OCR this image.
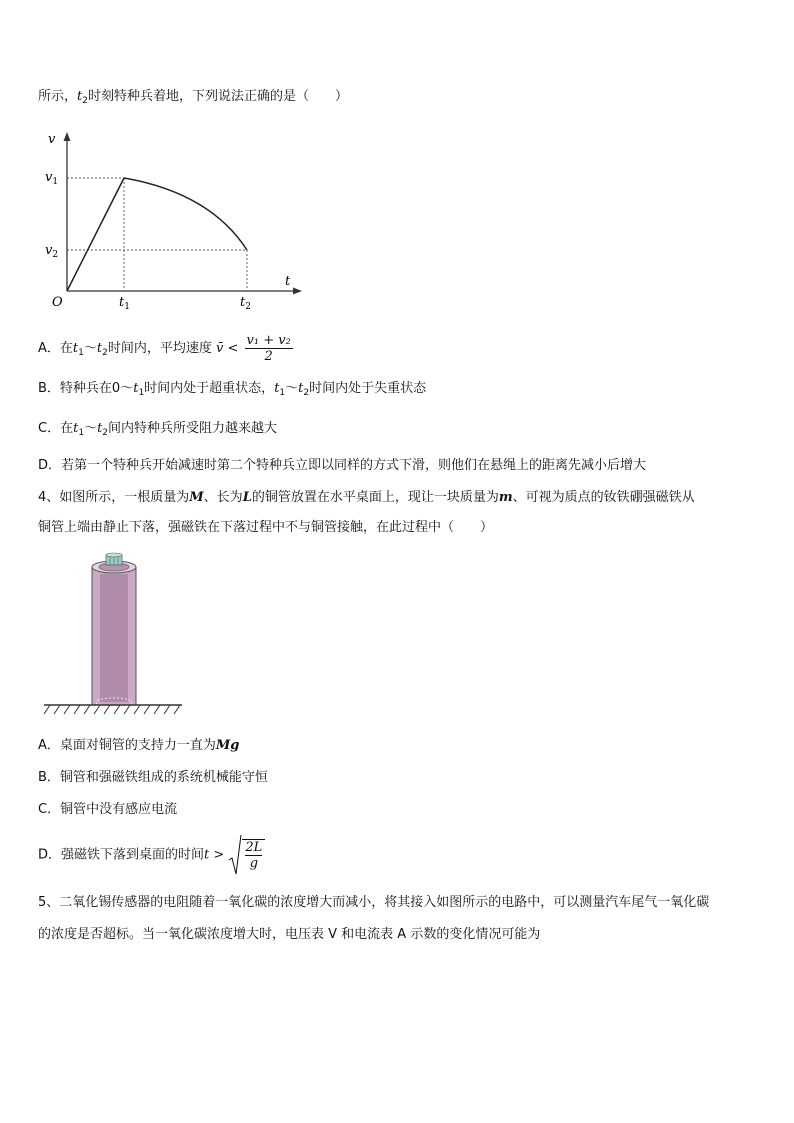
所示，$t_2$时刻特种兵着地，下列说法正确的是（　　）
v
t
O
$v_1$
$v_2$
$t_1$	$t_2$
A．在$t_1\sim t_2$时间内，平均速度 v̄ < $\frac{\text{v₁ + v₂}}{2}$
B．特种兵在$0\sim t_1$时间内处于超重状态，$t_1\sim t_2$时间内处于失重状态
C．在$t_1\sim t_2$间内特种兵所受阻力越来越大
D．若第一个特种兵开始减速时第二个特种兵立即以同样的方式下滑，则他们在悬绳上的距离先减小后增大
4、如图所示，一根质量为M、长为L的铜管放置在水平桌面上，现让一块质量为m、可视为质点的钕铁硼强磁铁从
铜管上端由静止下落，强磁铁在下落过程中不与铜管接触，在此过程中（　　）
A．桌面对铜管的支持力一直为Mg
B．铜管和强磁铁组成的系统机械能守恒
C．铜管中没有感应电流
D．强磁铁下落到桌面的时间$t > \frac{2L}{g}$
5、二氧化锡传感器的电阻随着一氧化碳的浓度增大而减小，将其接入如图所示的电路中，可以测量汽车尾气一氧化碳
的浓度是否超标。当一氧化碳浓度增大时，电压表 V 和电流表 A 示数的变化情况可能为
